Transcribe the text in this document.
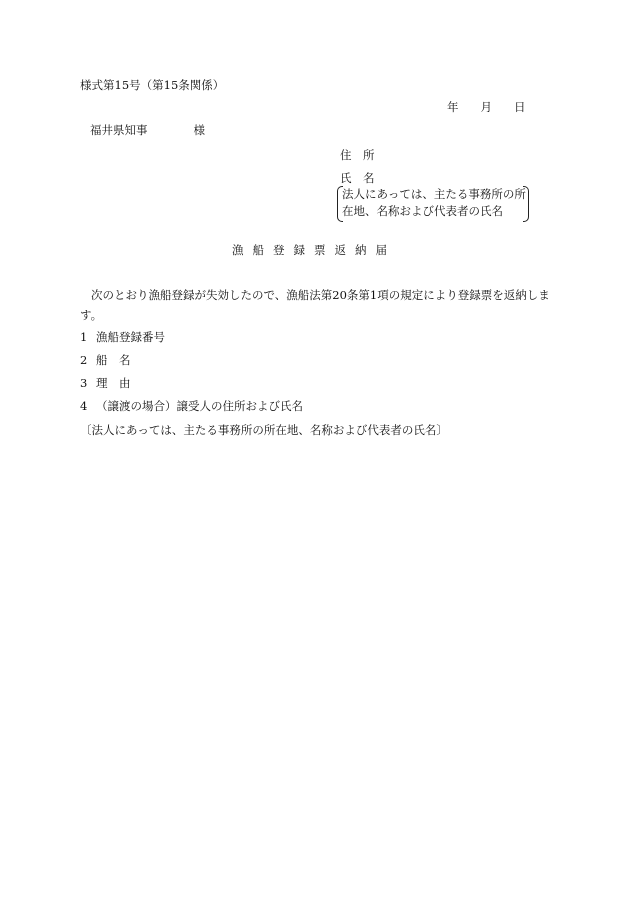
様式第15号（第15条関係）
年 月 日
福井県知事	様
住　所
氏　名
法人にあっては、主たる事務所の所
在地、名称および代表者の氏名
漁船登録票返納届
次のとおり漁船登録が失効したので、漁船法第20条第1項の規定により登録票を返納します。
1 漁船登録番号
2 船　名
3 理　由
4 （譲渡の場合）譲受人の住所および氏名
〔法人にあっては、主たる事務所の所在地、名称および代表者の氏名〕
